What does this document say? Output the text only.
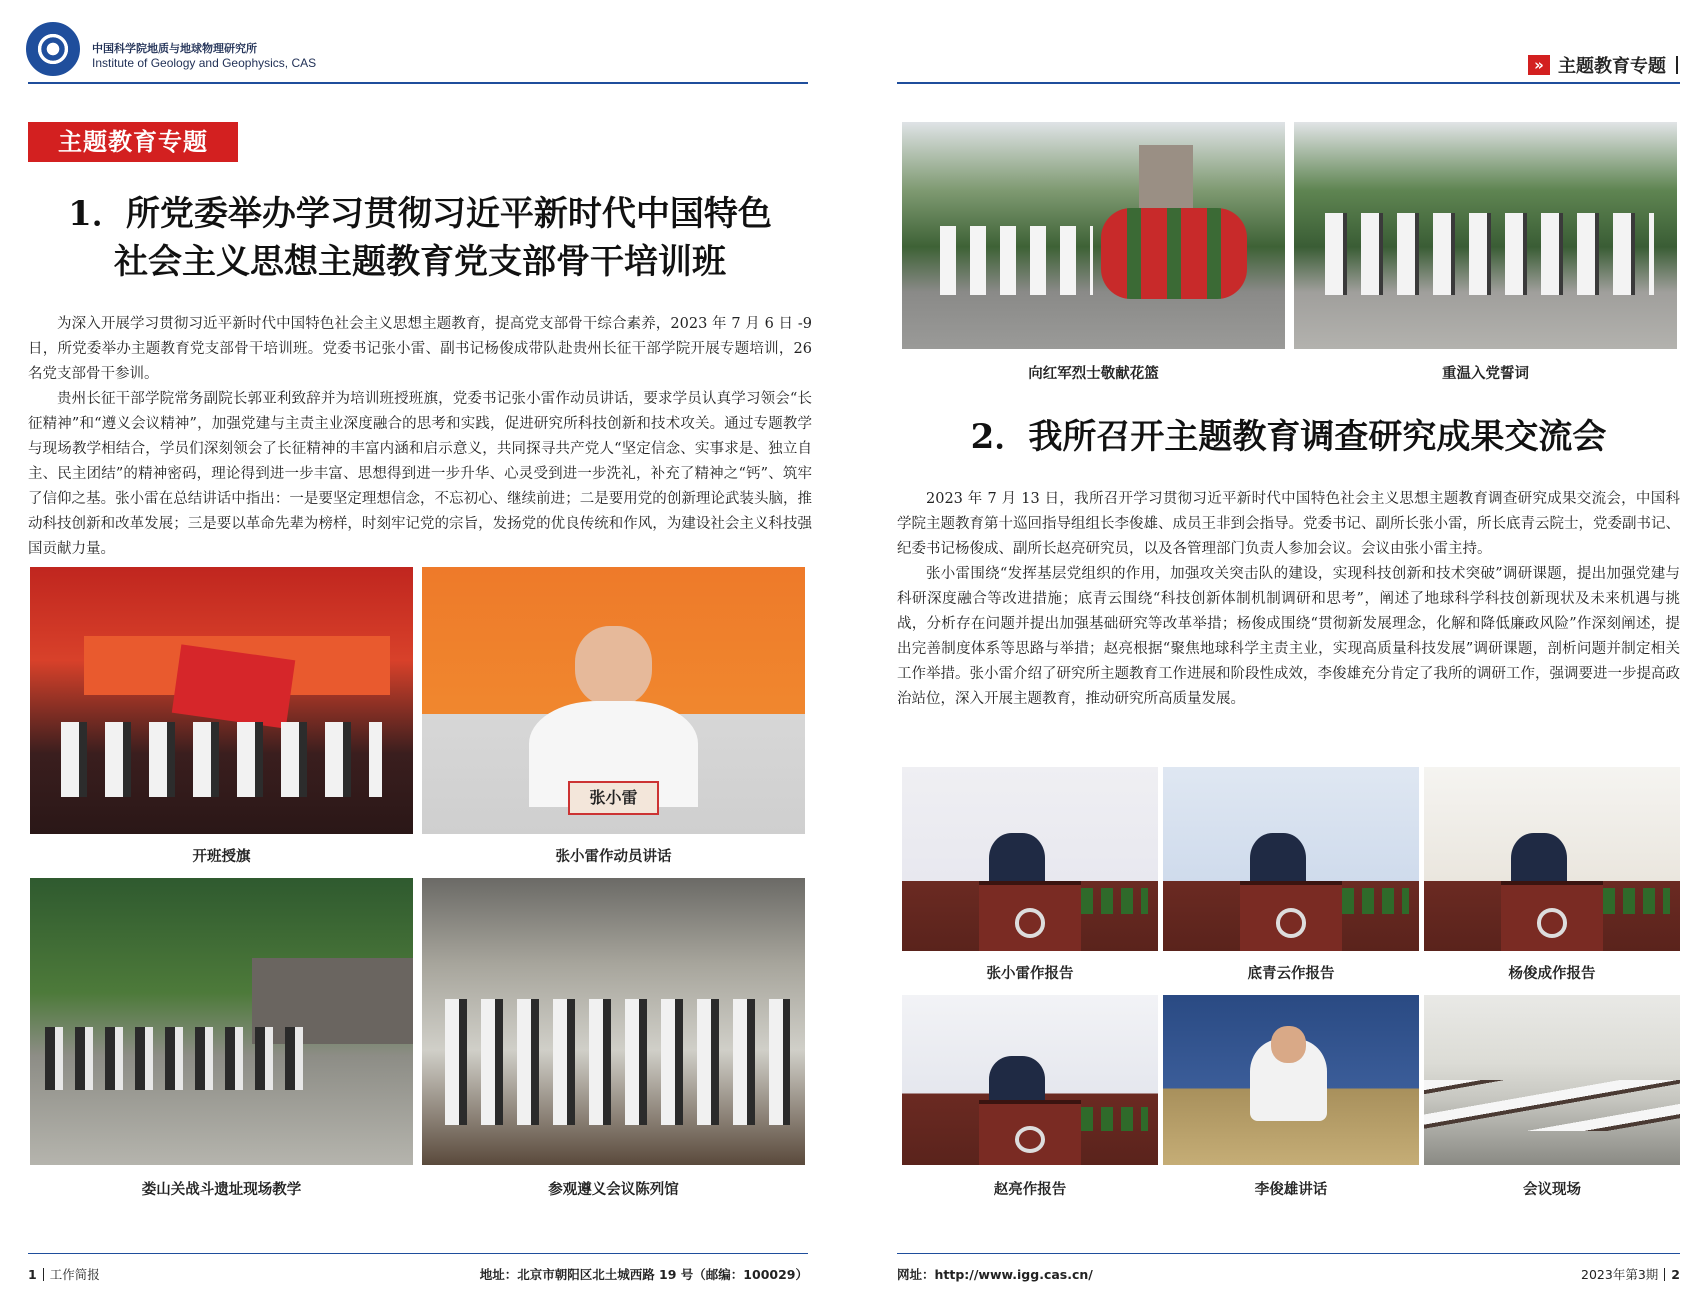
中国科学院地质与地球物理研究所
Institute of Geology and Geophysics, CAS
主题教育专题
1．所党委举办学习贯彻习近平新时代中国特色
社会主义思想主题教育党支部骨干培训班

为深入开展学习贯彻习近平新时代中国特色社会主义思想主题教育，提高党支部骨干综合素养，2023 年 7 月 6 日 -9 日，所党委举办主题教育党支部骨干培训班。党委书记张小雷、副书记杨俊成带队赴贵州长征干部学院开展专题培训，26 名党支部骨干参训。

贵州长征干部学院常务副院长郭亚利致辞并为培训班授班旗，党委书记张小雷作动员讲话，要求学员认真学习领会“长征精神”和“遵义会议精神”，加强党建与主责主业深度融合的思考和实践，促进研究所科技创新和技术攻关。通过专题教学与现场教学相结合，学员们深刻领会了长征精神的丰富内涵和启示意义，共同探寻共产党人“坚定信念、实事求是、独立自主、民主团结”的精神密码，理论得到进一步丰富、思想得到进一步升华、心灵受到进一步洗礼，补充了精神之“钙”、筑牢了信仰之基。张小雷在总结讲话中指出：一是要坚定理想信念，不忘初心、继续前进；二是要用党的创新理论武装头脑，推动科技创新和改革发展；三是要以革命先辈为榜样，时刻牢记党的宗旨，发扬党的优良传统和作风，为建设社会主义科技强国贡献力量。

开班授旗
张小雷
张小雷作动员讲话
娄山关战斗遗址现场教学	参观遵义会议陈列馆
1 工作简报	地址：北京市朝阳区北土城西路 19 号（邮编：100029）
» 主题教育专题
向红军烈士敬献花篮	重温入党誓词
2．我所召开主题教育调查研究成果交流会

2023 年 7 月 13 日，我所召开学习贯彻习近平新时代中国特色社会主义思想主题教育调查研究成果交流会，中国科学院主题教育第十巡回指导组组长李俊雄、成员王非到会指导。党委书记、副所长张小雷，所长底青云院士，党委副书记、纪委书记杨俊成、副所长赵亮研究员，以及各管理部门负责人参加会议。会议由张小雷主持。

张小雷围绕“发挥基层党组织的作用，加强攻关突击队的建设，实现科技创新和技术突破”调研课题，提出加强党建与科研深度融合等改进措施；底青云围绕“科技创新体制机制调研和思考”，阐述了地球科学科技创新现状及未来机遇与挑战，分析存在问题并提出加强基础研究等改革举措；杨俊成围绕“贯彻新发展理念，化解和降低廉政风险”作深刻阐述，提出完善制度体系等思路与举措；赵亮根据“聚焦地球科学主责主业，实现高质量科技发展”调研课题，剖析问题并制定相关工作举措。张小雷介绍了研究所主题教育工作进展和阶段性成效，李俊雄充分肯定了我所的调研工作，强调要进一步提高政治站位，深入开展主题教育，推动研究所高质量发展。

张小雷作报告	底青云作报告	杨俊成作报告
赵亮作报告	李俊雄讲话	会议现场
网址：http://www.igg.cas.cn/	2023年第3期 2
